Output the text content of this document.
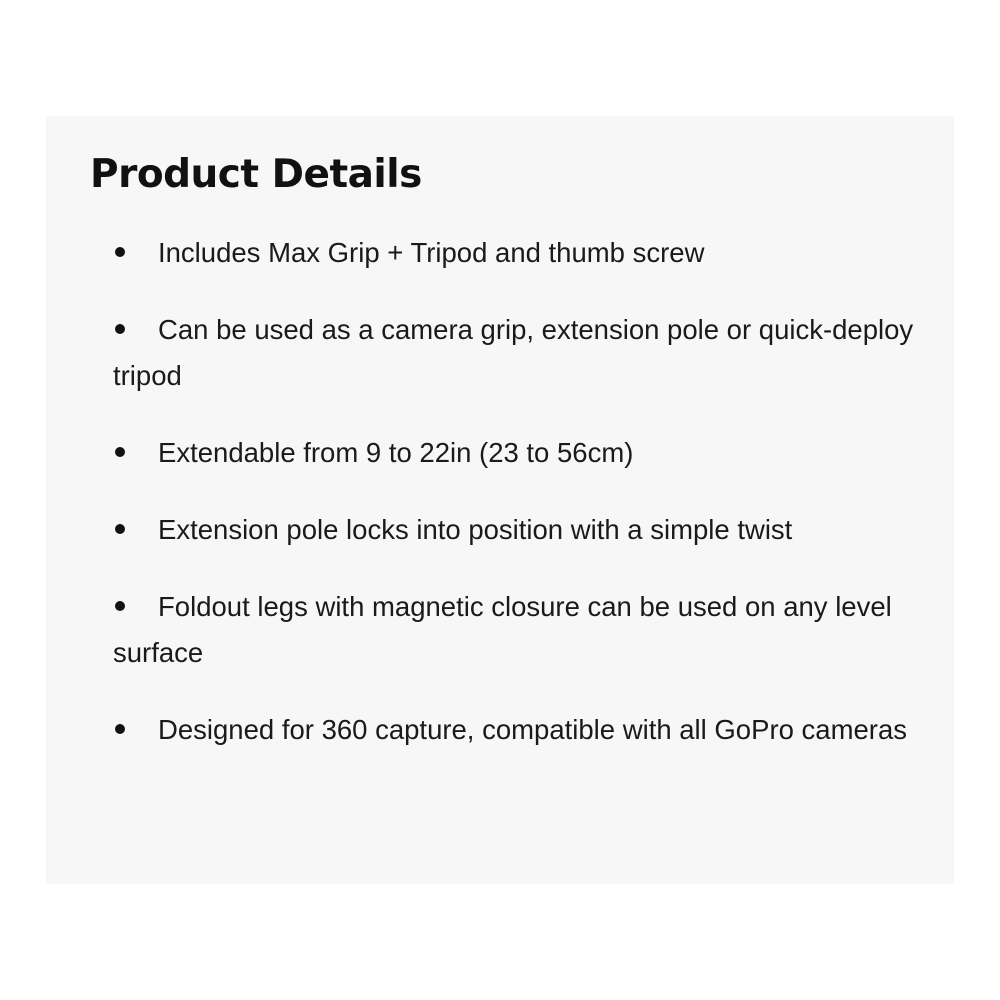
Product Details
Includes Max Grip + Tripod and thumb screw
Can be used as a camera grip, extension pole or quick-deploy tripod
Extendable from 9 to 22in (23 to 56cm)
Extension pole locks into position with a simple twist
Foldout legs with magnetic closure can be used on any level surface
Designed for 360 capture, compatible with all GoPro cameras
